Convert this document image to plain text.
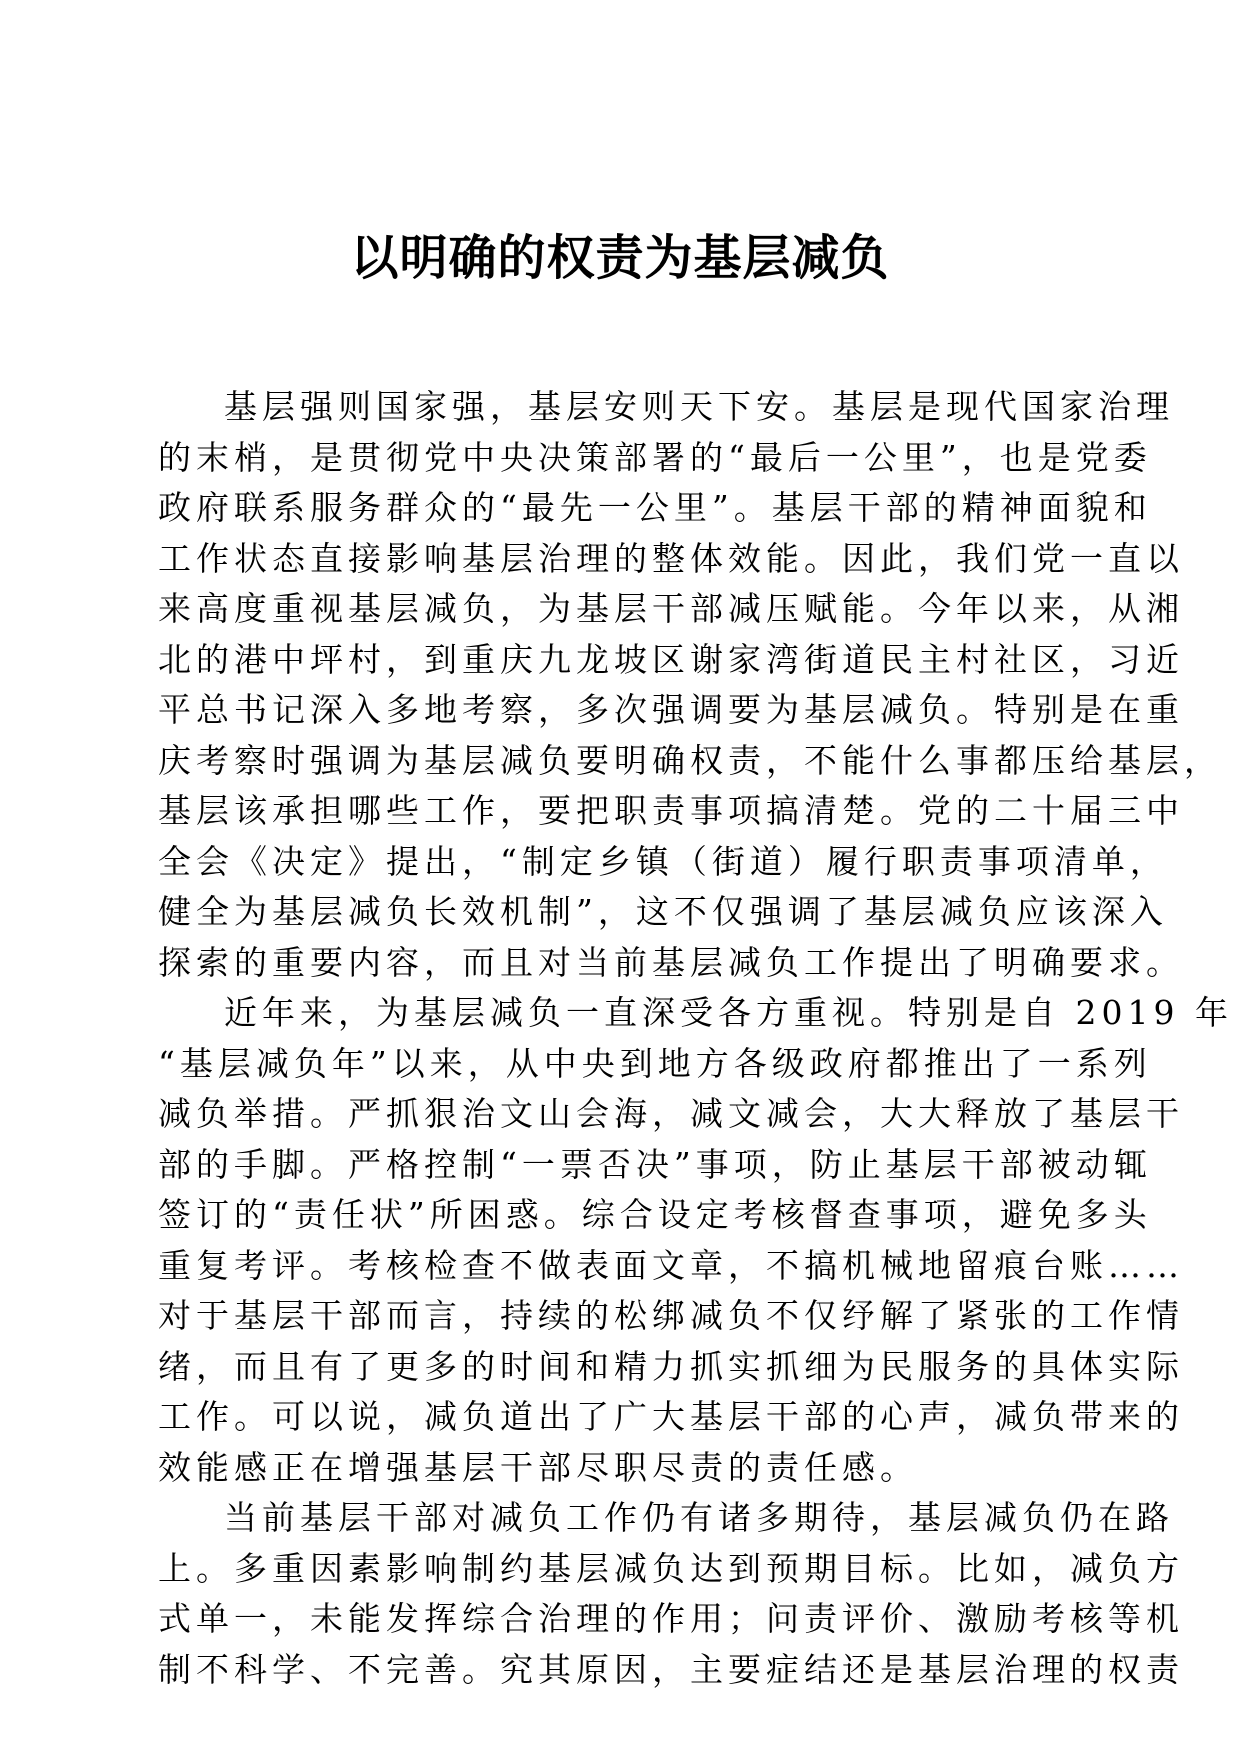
以明确的权责为基层减负
基层强则国家强，基层安则天下安。基层是现代国家治理
的末梢，是贯彻党中央决策部署的“最后一公里”，也是党委
政府联系服务群众的“最先一公里”。基层干部的精神面貌和
工作状态直接影响基层治理的整体效能。因此，我们党一直以
来高度重视基层减负，为基层干部减压赋能。今年以来，从湘
北的港中坪村，到重庆九龙坡区谢家湾街道民主村社区，习近
平总书记深入多地考察，多次强调要为基层减负。特别是在重
庆考察时强调为基层减负要明确权责，不能什么事都压给基层，
基层该承担哪些工作，要把职责事项搞清楚。党的二十届三中
全会《决定》提出，“制定乡镇（街道）履行职责事项清单，
健全为基层减负长效机制”，这不仅强调了基层减负应该深入
探索的重要内容，而且对当前基层减负工作提出了明确要求。
近年来，为基层减负一直深受各方重视。特别是自 2019 年
“基层减负年”以来，从中央到地方各级政府都推出了一系列
减负举措。严抓狠治文山会海，减文减会，大大释放了基层干
部的手脚。严格控制“一票否决”事项，防止基层干部被动辄
签订的“责任状”所困惑。综合设定考核督查事项，避免多头
重复考评。考核检查不做表面文章，不搞机械地留痕台账……
对于基层干部而言，持续的松绑减负不仅纾解了紧张的工作情
绪，而且有了更多的时间和精力抓实抓细为民服务的具体实际
工作。可以说，减负道出了广大基层干部的心声，减负带来的
效能感正在增强基层干部尽职尽责的责任感。
当前基层干部对减负工作仍有诸多期待，基层减负仍在路
上。多重因素影响制约基层减负达到预期目标。比如，减负方
式单一，未能发挥综合治理的作用；问责评价、激励考核等机
制不科学、不完善。究其原因，主要症结还是基层治理的权责
